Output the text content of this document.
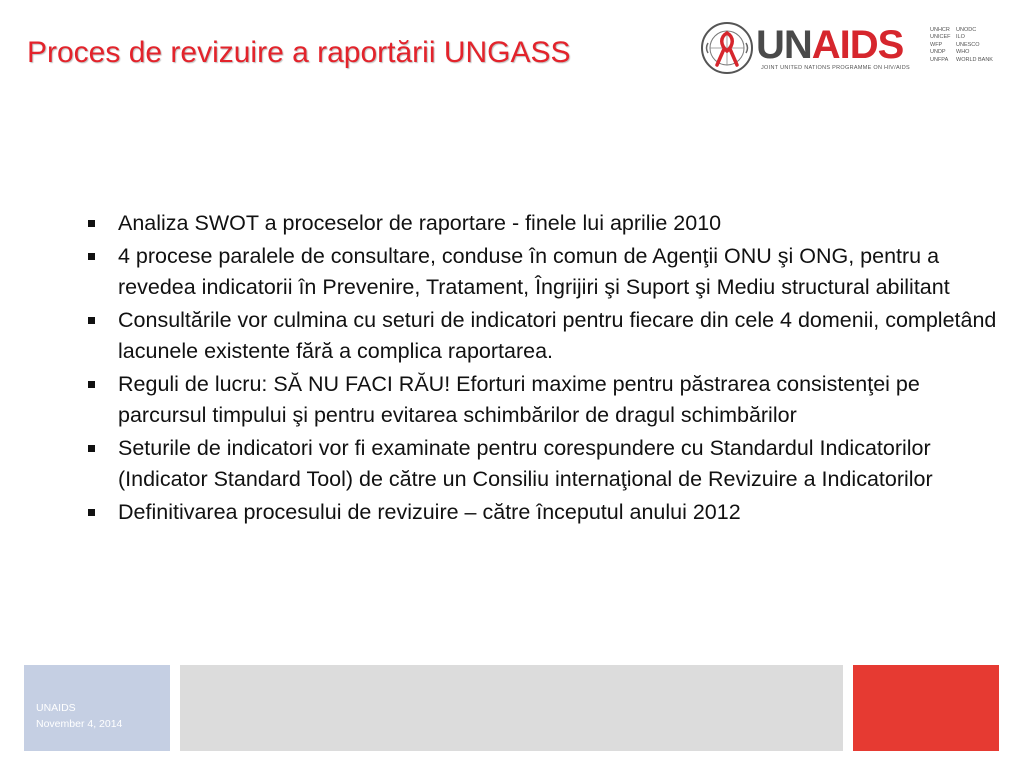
Proces de revizuire a raportării UNGASS	UNAIDS
JOINT UNITED NATIONS PROGRAMME ON HIV/AIDS
UNHCR
UNICEF
WFP
UNDP
UNFPA
UNODC
ILO
UNESCO
WHO
WORLD BANK
Analiza SWOT a proceselor de raportare - finele lui aprilie 2010
4 procese paralele de consultare, conduse în comun de Agenţii ONU şi ONG, pentru a revedea indicatorii în Prevenire, Tratament, Îngrijiri şi Suport şi Mediu structural abilitant
Consultările vor culmina cu seturi de indicatori pentru fiecare din cele 4 domenii, completând lacunele existente fără a complica raportarea.
Reguli de lucru: SĂ NU FACI RĂU! Eforturi maxime pentru păstrarea consistenţei pe parcursul timpului şi pentru evitarea schimbărilor de dragul schimbărilor
Seturile de indicatori vor fi examinate pentru corespundere cu Standardul Indicatorilor (Indicator Standard Tool) de către un Consiliu internaţional de Revizuire a Indicatorilor
Definitivarea procesului de revizuire – către începutul anului 2012
UNAIDS
November 4, 2014
